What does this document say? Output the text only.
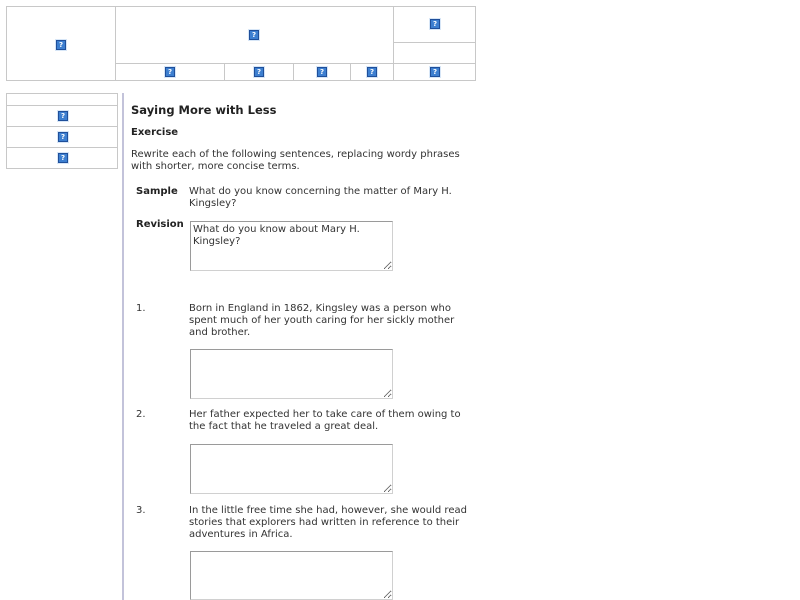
?
?
?
?	?	?	?	?
?
?
?
Saying More with Less
Exercise
Rewrite each of the following sentences, replacing wordy phrases with shorter, more concise terms.
Sample What do you know concerning the matter of Mary H. Kingsley?
Revision
What do you know about Mary H. Kingsley?
1.	Born in England in 1862, Kingsley was a person who spent much of her youth caring for her sickly mother and brother.
2.	Her father expected her to take care of them owing to the fact that he traveled a great deal.
3.	In the little free time she had, however, she would read stories that explorers had written in reference to their adventures in Africa.
